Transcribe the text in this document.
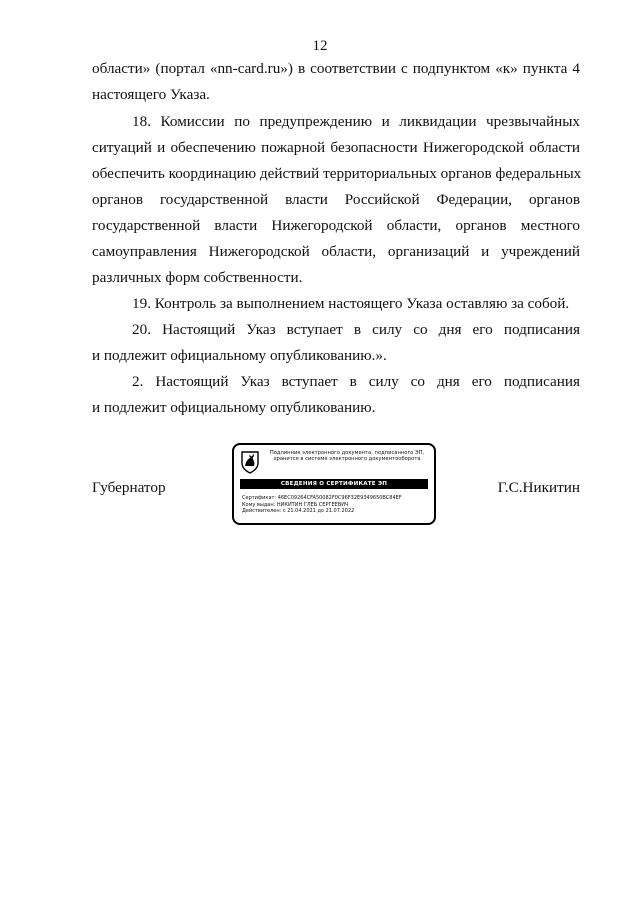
12
области» (портал «nn-card.ru») в соответствии с подпунктом «к» пункта 4
настоящего Указа.
18. Комиссии по предупреждению и ликвидации чрезвычайных
ситуаций и обеспечению пожарной безопасности Нижегородской области
обеспечить координацию действий территориальных органов федеральных
органов государственной власти Российской Федерации, органов
государственной власти Нижегородской области, органов местного
самоуправления Нижегородской области, организаций и учреждений
различных форм собственности.
19. Контроль за выполнением настоящего Указа оставляю за собой.
20. Настоящий Указ вступает в силу со дня его подписания
и подлежит официальному опубликованию.».
2. Настоящий Указ вступает в силу со дня его подписания
и подлежит официальному опубликованию.
Губернатор
Подлинник электронного документа, подписанного ЭП,
хранится в системе электронного документооборота
СВЕДЕНИЯ О СЕРТИФИКАТЕ ЭП
Сертификат: 46EC09264CFA50082F0C96F32E9349650BC84EF
Кому выдан: НИКИТИН ГЛЕБ СЕРГЕЕВИЧ
Действителен: с 21.04.2021 до 21.07.2022
Г.С.Никитин
